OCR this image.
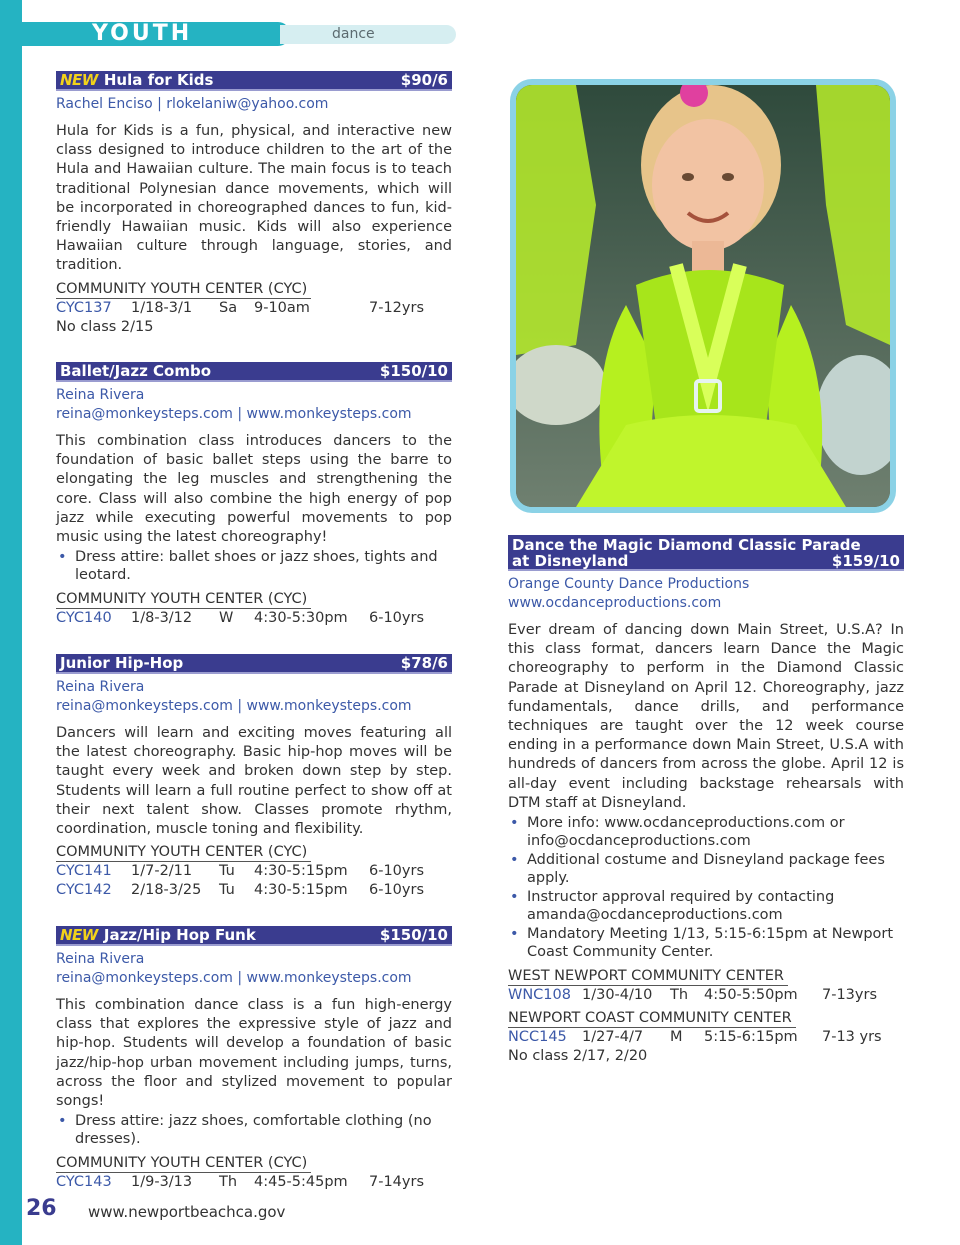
YOUTH	dance
NEW Hula for Kids	$90/6
Rachel Enciso | rlokelaniw@yahoo.com
Hula for Kids is a fun, physical, and interactive new class designed to introduce children to the art of the Hula and Hawaiian culture. The main focus is to teach traditional Polynesian dance movements, which will be incorporated in choreographed dances to fun, kid-friendly Hawaiian music. Kids will also experience Hawaiian culture through language, stories, and tradition.
COMMUNITY YOUTH CENTER (CYC)
CYC137	1/18-3/1	Sa	9-10am	7-12yrs
No class 2/15
Ballet/Jazz Combo	$150/10
Reina Rivera
reina@monkeysteps.com | www.monkeysteps.com
This combination class introduces dancers to the foundation of basic ballet steps using the barre to elongating the leg muscles and strengthening the core. Class will also combine the high energy of pop jazz while executing powerful movements to pop music using the latest choreography!
• Dress attire: ballet shoes or jazz shoes, tights and leotard.
COMMUNITY YOUTH CENTER (CYC)
CYC140	1/8-3/12	W	4:30-5:30pm	6-10yrs
Junior Hip-Hop	$78/6
Reina Rivera
reina@monkeysteps.com | www.monkeysteps.com
Dancers will learn and exciting moves featuring all the latest choreography. Basic hip-hop moves will be taught every week and broken down step by step. Students will learn a full routine perfect to show off at their next talent show. Classes promote rhythm, coordination, muscle toning and flexibility.
COMMUNITY YOUTH CENTER (CYC)
CYC141	1/7-2/11	Tu	4:30-5:15pm	6-10yrs
CYC142	2/18-3/25	Tu	4:30-5:15pm	6-10yrs
NEW Jazz/Hip Hop Funk	$150/10
Reina Rivera
reina@monkeysteps.com | www.monkeysteps.com
This combination dance class is a fun high-energy class that explores the expressive style of jazz and hip-hop. Students will develop a foundation of basic jazz/hip-hop urban movement including jumps, turns, across the floor and stylized movement to popular songs!
• Dress attire: jazz shoes, comfortable clothing (no dresses).
COMMUNITY YOUTH CENTER (CYC)
CYC143	1/9-3/13	Th	4:45-5:45pm	7-14yrs
Dance the Magic Diamond Classic Parade
at Disneyland	$159/10
Orange County Dance Productions
www.ocdanceproductions.com
Ever dream of dancing down Main Street, U.S.A? In this class format, dancers learn Dance the Magic choreography to perform in the Diamond Classic Parade at Disneyland on April 12. Choreography, jazz fundamentals, dance drills, and performance techniques are taught over the 12 week course ending in a performance down Main Street, U.S.A with hundreds of dancers from across the globe. April 12 is all-day event including backstage rehearsals with DTM staff at Disneyland.
• More info: www.ocdanceproductions.com or info@ocdanceproductions.com
• Additional costume and Disneyland package fees apply.
• Instructor approval required by contacting amanda@ocdanceproductions.com
• Mandatory Meeting 1/13, 5:15-6:15pm at Newport Coast Community Center.
WEST NEWPORT COMMUNITY CENTER
WNC108 1/30-4/10	Th	4:50-5:50pm	7-13yrs
NEWPORT COAST COMMUNITY CENTER
NCC145	1/27-4/7	M	5:15-6:15pm	7-13 yrs
No class 2/17, 2/20
26 www.newportbeachca.gov
